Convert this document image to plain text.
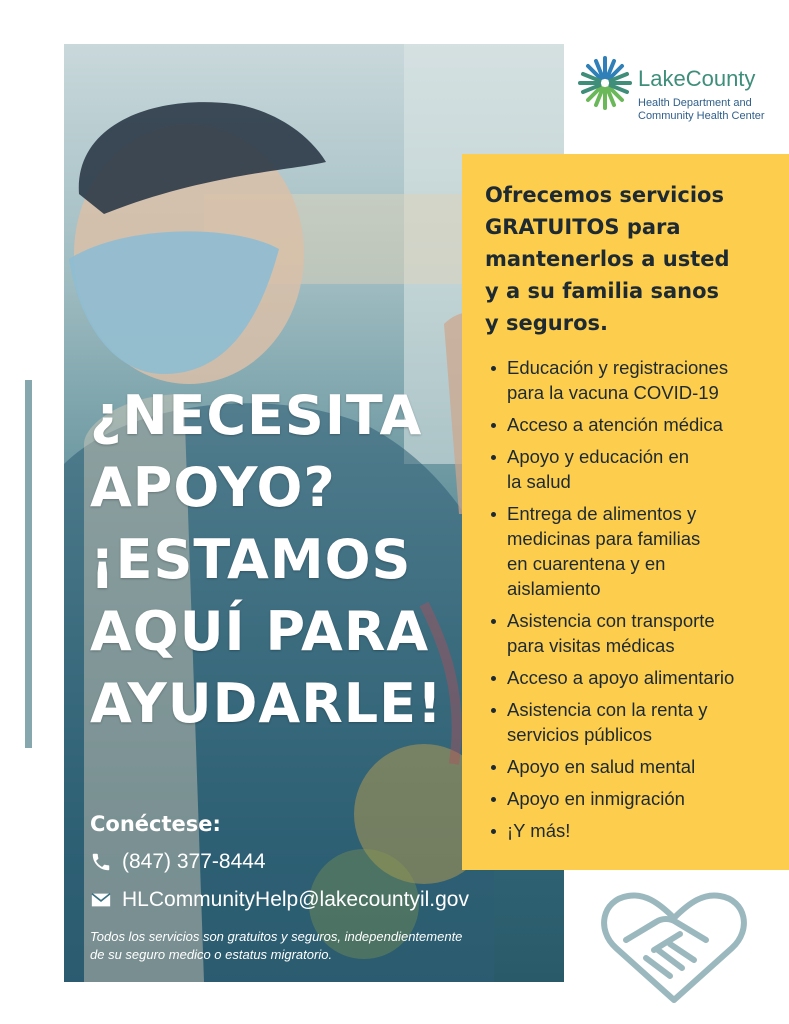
¿NECESITA
APOYO?
¡ESTAMOS
AQUÍ PARA
AYUDARLE!
Conéctese:
(847) 377-8444
HLCommunityHelp@lakecountyil.gov

Todos los servicios son gratuitos y seguros, independientemente
de su seguro medico o estatus migratorio.

LakeCounty

Health Department and
Community Health Center

Ofrecemos servicios
GRATUITOS para
mantenerlos a usted
y a su familia sanos
y seguros.
Educación y registraciones
para la vacuna COVID-19
Acceso a atención médica
Apoyo y educación en
la salud
Entrega de alimentos y
medicinas para familias
en cuarentena y en
aislamiento
Asistencia con transporte
para visitas médicas
Acceso a apoyo alimentario
Asistencia con la renta y
servicios públicos
Apoyo en salud mental
Apoyo en inmigración
¡Y más!
